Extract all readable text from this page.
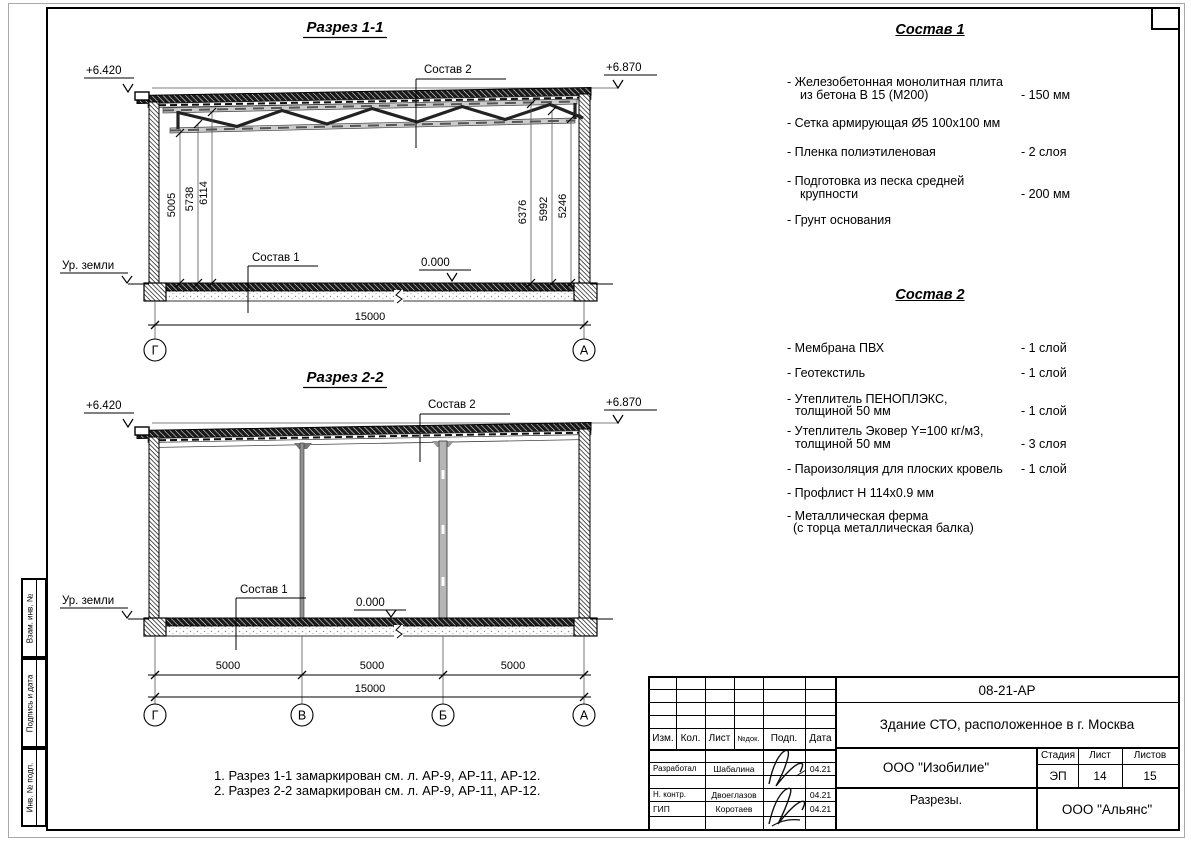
Разрез 1-1
+6.420	+6.870
Состав 2
Состав 1	0.000
Ур. земли
5005 5738 6114
6376 5992 5246
15000
Г	А
Разрез 2-2
+6.420	+6.870
Состав 2
Состав 1
0.000
Ур. земли
5000	5000	5000
15000
Г	В	Б	А
Состав 1
- Железобетонная монолитная плита
из бетона В 15 (М200)	- 150 мм
- Сетка армирующая Ø5 100х100 мм
- Пленка полиэтиленовая	- 2 слоя
- Подготовка из песка средней
крупности	- 200 мм
- Грунт основания
Состав 2
- Мембрана ПВХ	- 1 слой
- Геотекстиль	- 1 слой
- Утеплитель ПЕНОПЛЭКС,
толщиной 50 мм	- 1 слой
- Утеплитель Эковер Y=100 кг/м3,
толщиной 50 мм	- 3 слоя
- Пароизоляция для плоских кровель - 1 слой
- Профлист Н 114х0.9 мм
- Металлическая ферма
(с торца металлическая балка)
1. Разрез 1-1 замаркирован см. л. АР-9, АР-11, АР-12.
2. Разрез 2-2 замаркирован см. л. АР-9, АР-11, АР-12.
Изм. Кол. Лист №док.	Подп.	Дата
Разработал	Шабалина	04.21
Н. контр.	Двоеглазов	04.21
ГИП	Коротаев	04.21
08-21-АР
Здание СТО, расположенное в г. Москва
ООО "Изобилие"
Разрезы.
Стадия	Лист	Листов
ЭП	14	15
ООО "Альянс"
Взам. инв. №
Подпись и дата
Инв. № подп.
